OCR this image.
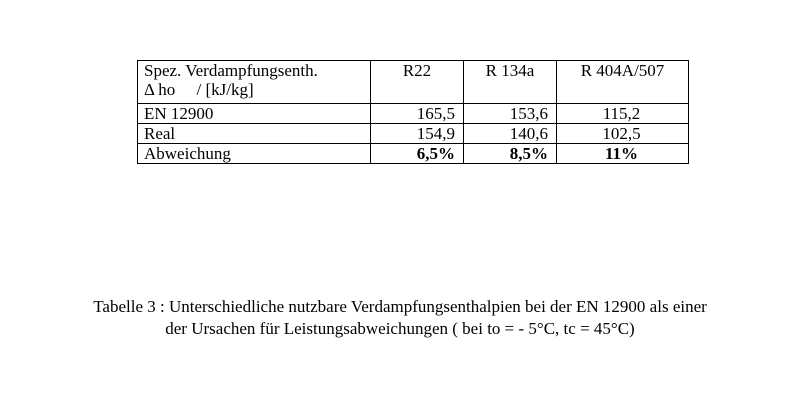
Spez. Verdampfungsenth.
Δ ho     / [kJ/kg]	R22	R 134a	R 404A/507
EN 12900	165,5	153,6	115,2
Real	154,9	140,6	102,5
Abweichung	6,5%	8,5%	11%
Tabelle 3 : Unterschiedliche nutzbare Verdampfungsenthalpien bei der EN 12900 als einer
der Ursachen für Leistungsabweichungen ( bei to = - 5°C, tc = 45°C)
